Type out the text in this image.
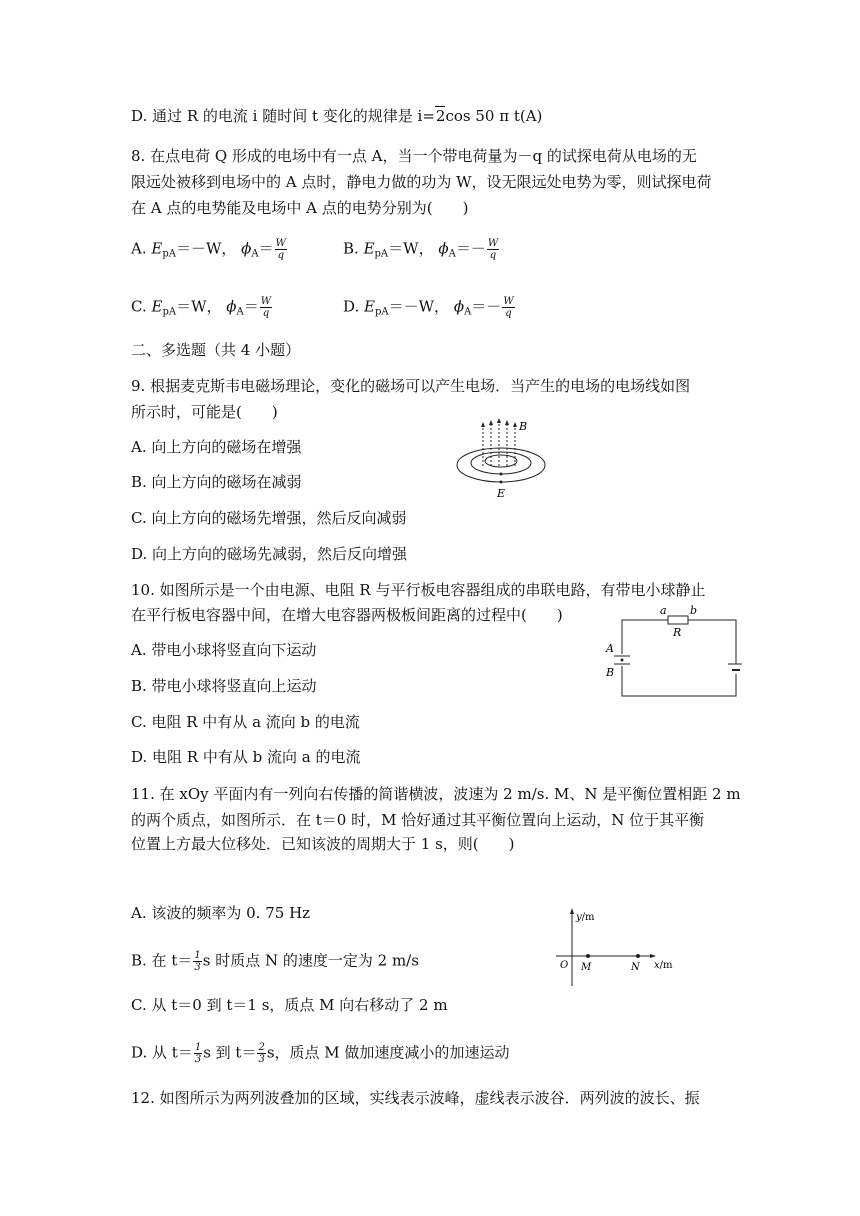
D. 通过 R 的电流 i 随时间 t 变化的规律是 i=2cos 50 π t(A)
8. 在点电荷 Q 形成的电场中有一点 A，当一个带电荷量为－q 的试探电荷从电场的无
限远处被移到电场中的 A 点时，静电力做的功为 W，设无限远处电势为零，则试探电荷
在 A 点的电势能及电场中 A 点的电势分别为(　　)
A. $E_{pA}=-W$， $\phi_A= \frac{W}{q}$	B. $E_{pA}=W$， $\phi_A=- \frac{W}{q}$
C. $E_{pA}=W$， $\phi_A= \frac{W}{q}$	D. $E_{pA}=-W$， $\phi_A=- \frac{W}{q}$
二、多选题（共 4 小题）
9. 根据麦克斯韦电磁场理论，变化的磁场可以产生电场．当产生的电场的电场线如图
所示时，可能是(　　)
A. 向上方向的磁场在增强
B. 向上方向的磁场在减弱
C. 向上方向的磁场先增强，然后反向减弱
D. 向上方向的磁场先减弱，然后反向增强
B
E
10. 如图所示是一个由电源、电阻 R 与平行板电容器组成的串联电路，有带电小球静止
在平行板电容器中间，在增大电容器两极板间距离的过程中(　　)
A. 带电小球将竖直向下运动
B. 带电小球将竖直向上运动
C. 电阻 R 中有从 a 流向 b 的电流
D. 电阻 R 中有从 b 流向 a 的电流
a b
R
A
B
11. 在 xOy 平面内有一列向右传播的简谐横波，波速为 2 m/s. M、N 是平衡位置相距 2 m
的两个质点，如图所示．在 t＝0 时，M 恰好通过其平衡位置向上运动，N 位于其平衡
位置上方最大位移处．已知该波的周期大于 1 s，则(　　)
A. 该波的频率为 0. 75 Hz
B. 在 $t= \frac{1}{3}$ s 时质点 N 的速度一定为 2 m/s
C. 从 t＝0 到 t＝1 s，质点 M 向右移动了 2 m
D. 从 $t= \frac{1}{3}$ s 到 $t= \frac{2}{3}$ s，质点 M 做加速度减小的加速运动
y/m
x/m
O M	N
12. 如图所示为两列波叠加的区域，实线表示波峰，虚线表示波谷．两列波的波长、振
